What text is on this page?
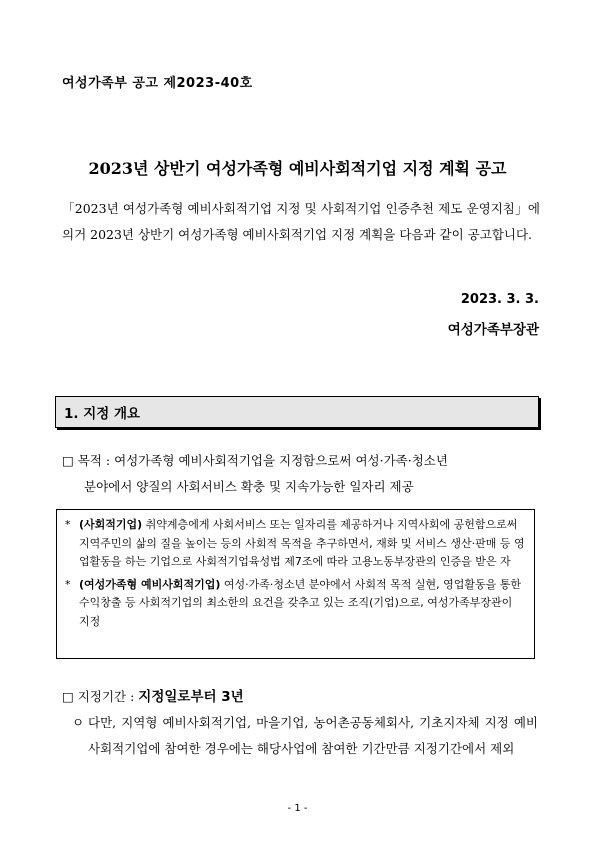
여성가족부 공고 제2023-40호
2023년 상반기 여성가족형 예비사회적기업 지정 계획 공고
「2023년 여성가족형 예비사회적기업 지정 및 사회적기업 인증추천 제도 운영지침」에 의거 2023년 상반기 여성가족형 예비사회적기업 지정 계획을 다음과 같이 공고합니다.
2023. 3. 3.
여성가족부장관
1. 지정 개요
□ 목적 : 여성가족형 예비사회적기업을 지정함으로써 여성·가족·청소년
분야에서 양질의 사회서비스 확충 및 지속가능한 일자리 제공
* (사회적기업) 취약계층에게 사회서비스 또는 일자리를 제공하거나 지역사회에 공헌함으로써 지역주민의 삶의 질을 높이는 등의 사회적 목적을 추구하면서, 재화 및 서비스 생산·판매 등 영업활동을 하는 기업으로 사회적기업육성법 제7조에 따라 고용노동부장관의 인증을 받은 자
* (여성가족형 예비사회적기업) 여성·가족·청소년 분야에서 사회적 목적 실현, 영업활동을 통한 수익창출 등 사회적기업의 최소한의 요건을 갖추고 있는 조직(기업)으로, 여성가족부장관이 지정
□ 지정기간 : 지정일로부터 3년
ㅇ 다만, 지역형 예비사회적기업, 마을기업, 농어촌공동체회사, 기초지자체 지정 예비사회적기업에 참여한 경우에는 해당사업에 참여한 기간만큼 지정기간에서 제외
- 1 -
